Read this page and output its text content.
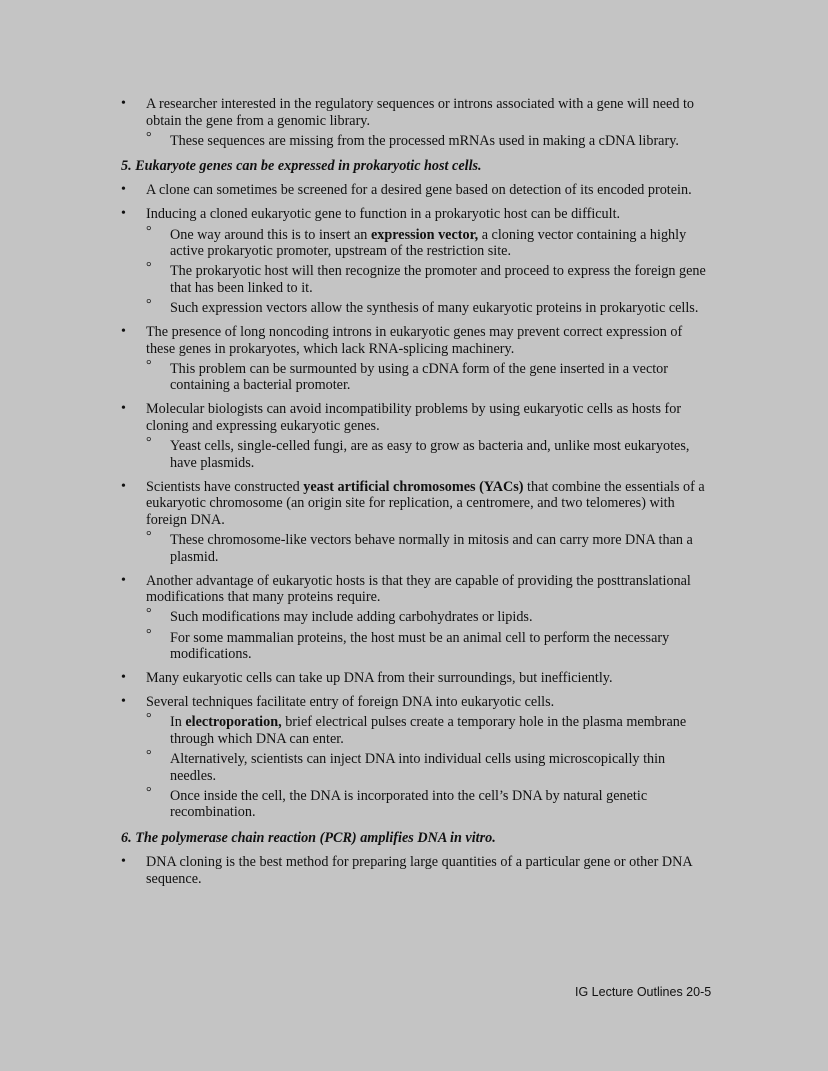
• A researcher interested in the regulatory sequences or introns associated with a gene will need to obtain the gene from a genomic library.
° These sequences are missing from the processed mRNAs used in making a cDNA library.
5. Eukaryote genes can be expressed in prokaryotic host cells.
• A clone can sometimes be screened for a desired gene based on detection of its encoded protein.
• Inducing a cloned eukaryotic gene to function in a prokaryotic host can be difficult.
° One way around this is to insert an expression vector, a cloning vector containing a highly active prokaryotic promoter, upstream of the restriction site.
° The prokaryotic host will then recognize the promoter and proceed to express the foreign gene that has been linked to it.
° Such expression vectors allow the synthesis of many eukaryotic proteins in prokaryotic cells.
• The presence of long noncoding introns in eukaryotic genes may prevent correct expression of these genes in prokaryotes, which lack RNA-splicing machinery.
° This problem can be surmounted by using a cDNA form of the gene inserted in a vector containing a bacterial promoter.
• Molecular biologists can avoid incompatibility problems by using eukaryotic cells as hosts for cloning and expressing eukaryotic genes.
° Yeast cells, single-celled fungi, are as easy to grow as bacteria and, unlike most eukaryotes, have plasmids.
• Scientists have constructed yeast artificial chromosomes (YACs) that combine the essentials of a eukaryotic chromosome (an origin site for replication, a centromere, and two telomeres) with foreign DNA.
° These chromosome-like vectors behave normally in mitosis and can carry more DNA than a plasmid.
• Another advantage of eukaryotic hosts is that they are capable of providing the posttranslational modifications that many proteins require.
° Such modifications may include adding carbohydrates or lipids.
° For some mammalian proteins, the host must be an animal cell to perform the necessary modifications.
• Many eukaryotic cells can take up DNA from their surroundings, but inefficiently.
• Several techniques facilitate entry of foreign DNA into eukaryotic cells.
° In electroporation, brief electrical pulses create a temporary hole in the plasma membrane through which DNA can enter.
° Alternatively, scientists can inject DNA into individual cells using microscopically thin needles.
° Once inside the cell, the DNA is incorporated into the cell’s DNA by natural genetic recombination.
6. The polymerase chain reaction (PCR) amplifies DNA in vitro.
• DNA cloning is the best method for preparing large quantities of a particular gene or other DNA sequence.
IG Lecture Outlines 20-5
